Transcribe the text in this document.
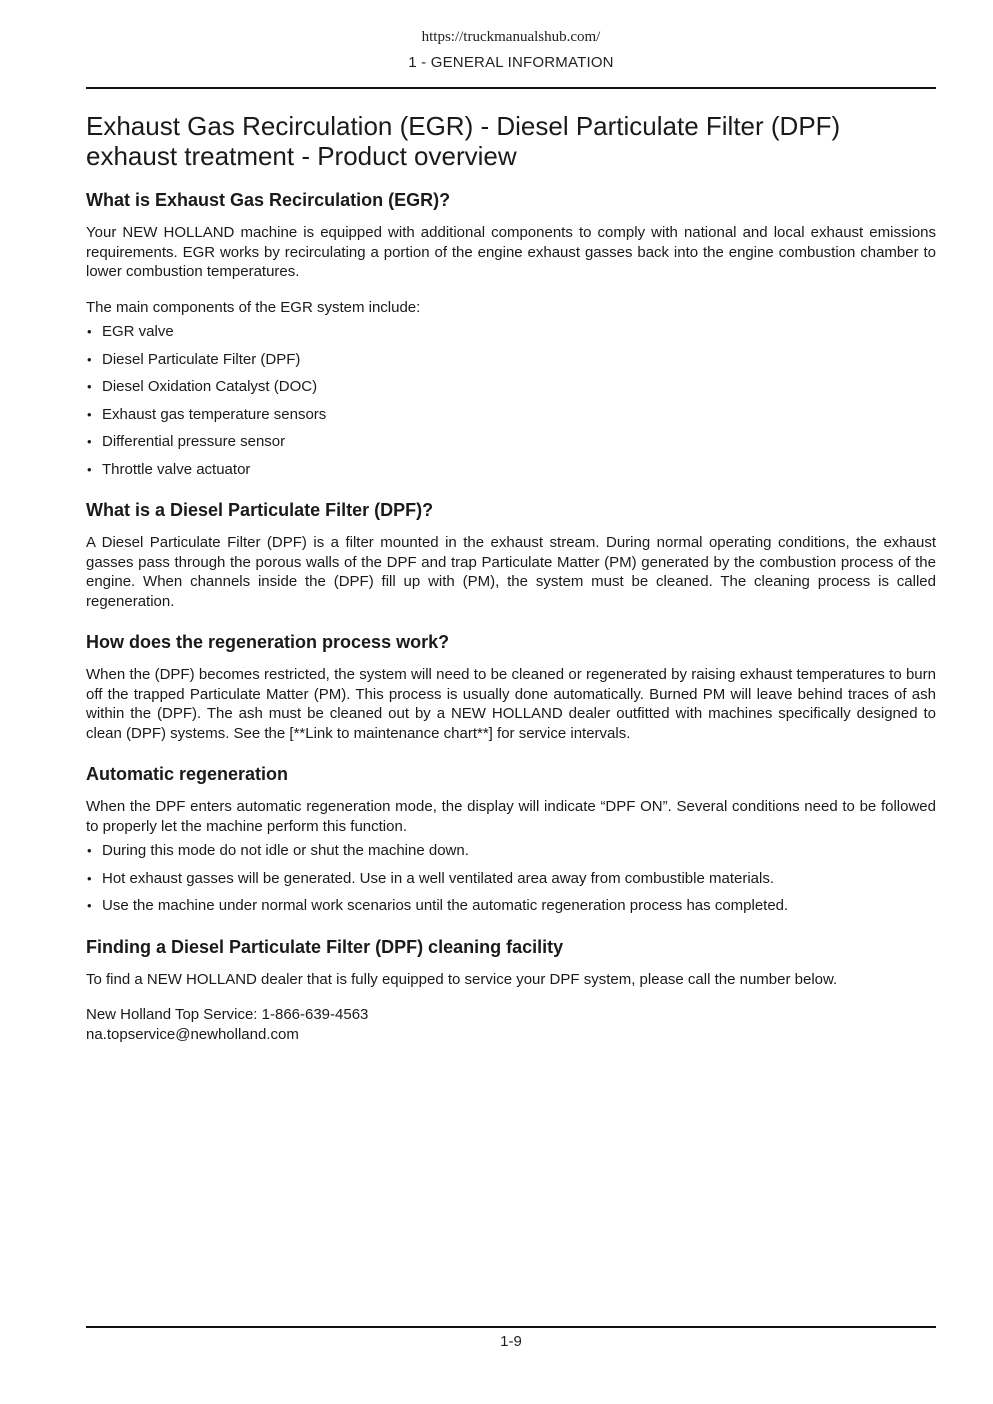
https://truckmanualshub.com/
1 - GENERAL INFORMATION
Exhaust Gas Recirculation (EGR) - Diesel Particulate Filter (DPF) exhaust treatment - Product overview
What is Exhaust Gas Recirculation (EGR)?

Your NEW HOLLAND machine is equipped with additional components to comply with national and local exhaust emissions requirements. EGR works by recirculating a portion of the engine exhaust gasses back into the engine combustion chamber to lower combustion temperatures.

The main components of the EGR system include:

• EGR valve
• Diesel Particulate Filter (DPF)
• Diesel Oxidation Catalyst (DOC)
• Exhaust gas temperature sensors
• Differential pressure sensor
• Throttle valve actuator
What is a Diesel Particulate Filter (DPF)?

A Diesel Particulate Filter (DPF) is a filter mounted in the exhaust stream. During normal operating conditions, the exhaust gasses pass through the porous walls of the DPF and trap Particulate Matter (PM) generated by the combustion process of the engine. When channels inside the (DPF) fill up with (PM), the system must be cleaned. The cleaning process is called regeneration.

How does the regeneration process work?

When the (DPF) becomes restricted, the system will need to be cleaned or regenerated by raising exhaust temperatures to burn off the trapped Particulate Matter (PM). This process is usually done automatically. Burned PM will leave behind traces of ash within the (DPF). The ash must be cleaned out by a NEW HOLLAND dealer outfitted with machines specifically designed to clean (DPF) systems. See the [**Link to maintenance chart**] for service intervals.

Automatic regeneration

When the DPF enters automatic regeneration mode, the display will indicate “DPF ON”. Several conditions need to be followed to properly let the machine perform this function.

• During this mode do not idle or shut the machine down.
• Hot exhaust gasses will be generated. Use in a well ventilated area away from combustible materials.
• Use the machine under normal work scenarios until the automatic regeneration process has completed.
Finding a Diesel Particulate Filter (DPF) cleaning facility

To find a NEW HOLLAND dealer that is fully equipped to service your DPF system, please call the number below.

New Holland Top Service: 1-866-639-4563

na.topservice@newholland.com

1-9
